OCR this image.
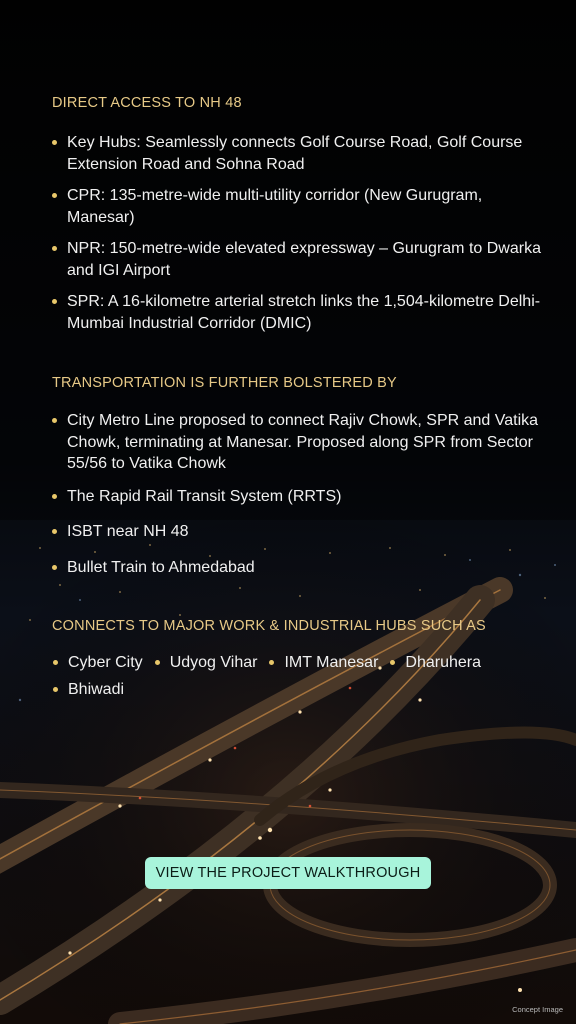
DIRECT ACCESS TO NH 48
Key Hubs: Seamlessly connects Golf Course Road, Golf Course Extension Road and Sohna Road
CPR: 135-metre-wide multi-utility corridor (New Gurugram, Manesar)
NPR: 150-metre-wide elevated expressway – Gurugram to Dwarka and IGI Airport
SPR: A 16-kilometre arterial stretch links the 1,504-kilometre Delhi-Mumbai Industrial Corridor (DMIC)
TRANSPORTATION IS FURTHER BOLSTERED BY
City Metro Line proposed to connect Rajiv Chowk, SPR and Vatika Chowk, terminating at Manesar. Proposed along SPR from Sector 55/56 to Vatika Chowk
The Rapid Rail Transit System (RRTS)
ISBT near NH 48
Bullet Train to Ahmedabad
CONNECTS TO MAJOR WORK & INDUSTRIAL HUBS SUCH AS
Cyber City	Udyog Vihar	IMT Manesar	Dharuhera
Bhiwadi
VIEW THE PROJECT WALKTHROUGH
Concept Image
